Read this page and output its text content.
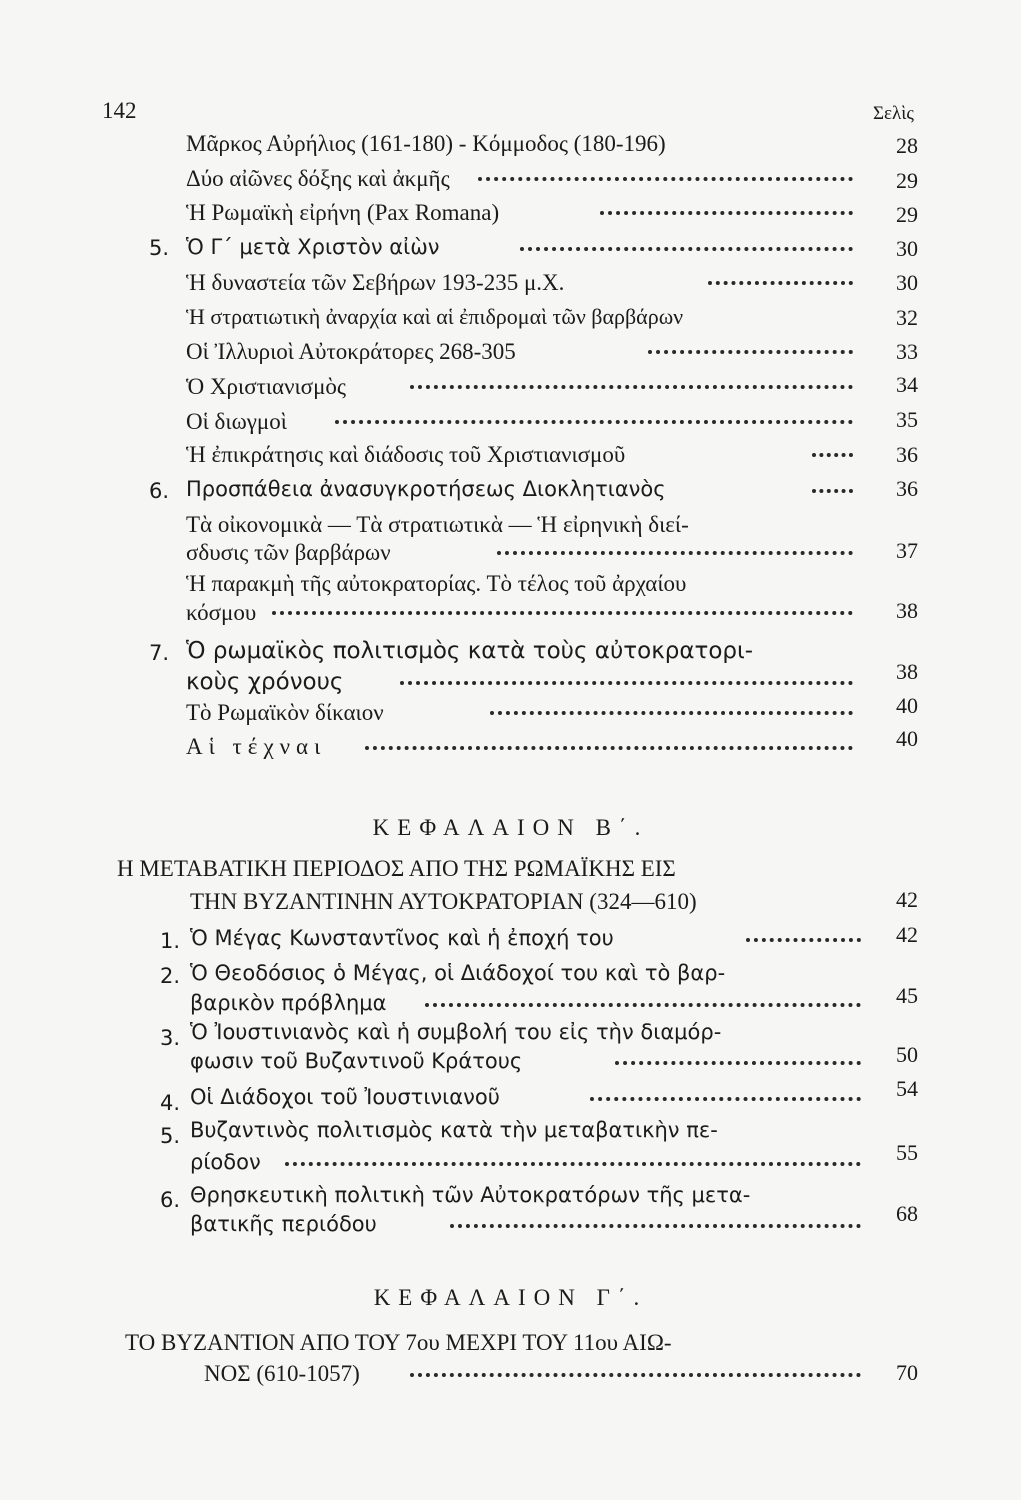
142	Σελὶς
Μᾶρκος Αὐρήλιος (161-180) - Κόμμοδος (180-196)	28
Δύο αἰῶνες δόξης καὶ ἀκμῆς	29
Ἡ Ρωμαϊκὴ εἰρήνη (Pax Romana)	29
5. Ὁ Γ΄ μετὰ Χριστὸν αἰὼν	30
Ἡ δυναστεία τῶν Σεβήρων 193-235 μ.Χ.	30
Ἡ στρατιωτικὴ ἀναρχία καὶ αἱ ἐπιδρομαὶ τῶν βαρβάρων	32
Οἱ Ἰλλυριοὶ Αὐτοκράτορες 268-305	33
Ὁ Χριστιανισμὸς	34
Οἱ διωγμοὶ	35
Ἡ ἐπικράτησις καὶ διάδοσις τοῦ Χριστιανισμοῦ	36
6. Προσπάθεια ἀνασυγκροτήσεως Διοκλητιανὸς	36
Τὰ οἰκονομικὰ — Τὰ στρατιωτικὰ — Ἡ εἰρηνικὴ διεί-
σδυσις τῶν βαρβάρων	37
Ἡ παρακμὴ τῆς αὐτοκρατορίας. Τὸ τέλος τοῦ ἀρχαίου
κόσμου	38
7. Ὁ ρωμαϊκὸς πολιτισμὸς κατὰ τοὺς αὐτοκρατορι-
κοὺς χρόνους	38
Τὸ Ρωμαϊκὸν δίκαιον	40
Αἱ τέχναι	40
ΚΕΦΑΛΑΙΟΝ Β΄.
Η ΜΕΤΑΒΑΤΙΚΗ ΠΕΡΙΟΔΟΣ ΑΠΟ ΤΗΣ ΡΩΜΑΪΚΗΣ ΕΙΣ
ΤΗΝ ΒΥΖΑΝΤΙΝΗΝ ΑΥΤΟΚΡΑΤΟΡΙΑΝ (324—610)	42
1. Ὁ Μέγας Κωνσταντῖνος καὶ ἡ ἐποχή του	42
2. Ὁ Θεοδόσιος ὁ Μέγας, οἱ Διάδοχοί του καὶ τὸ βαρ-
βαρικὸν πρόβλημα	45
3. Ὁ Ἰουστινιανὸς καὶ ἡ συμβολή του εἰς τὴν διαμόρ-
φωσιν τοῦ Βυζαντινοῦ Κράτους	50
4. Οἱ Διάδοχοι τοῦ Ἰουστινιανοῦ	54
5. Βυζαντινὸς πολιτισμὸς κατὰ τὴν μεταβατικὴν πε-
ρίοδον	55
6. Θρησκευτικὴ πολιτικὴ τῶν Αὐτοκρατόρων τῆς μετα-
βατικῆς περιόδου	68
ΚΕΦΑΛΑΙΟΝ Γ΄.
ΤΟ ΒΥΖΑΝΤΙΟΝ ΑΠΟ ΤΟΥ 7ου ΜΕΧΡΙ ΤΟΥ 11ου ΑΙΩ-
ΝΟΣ (610-1057)	70
